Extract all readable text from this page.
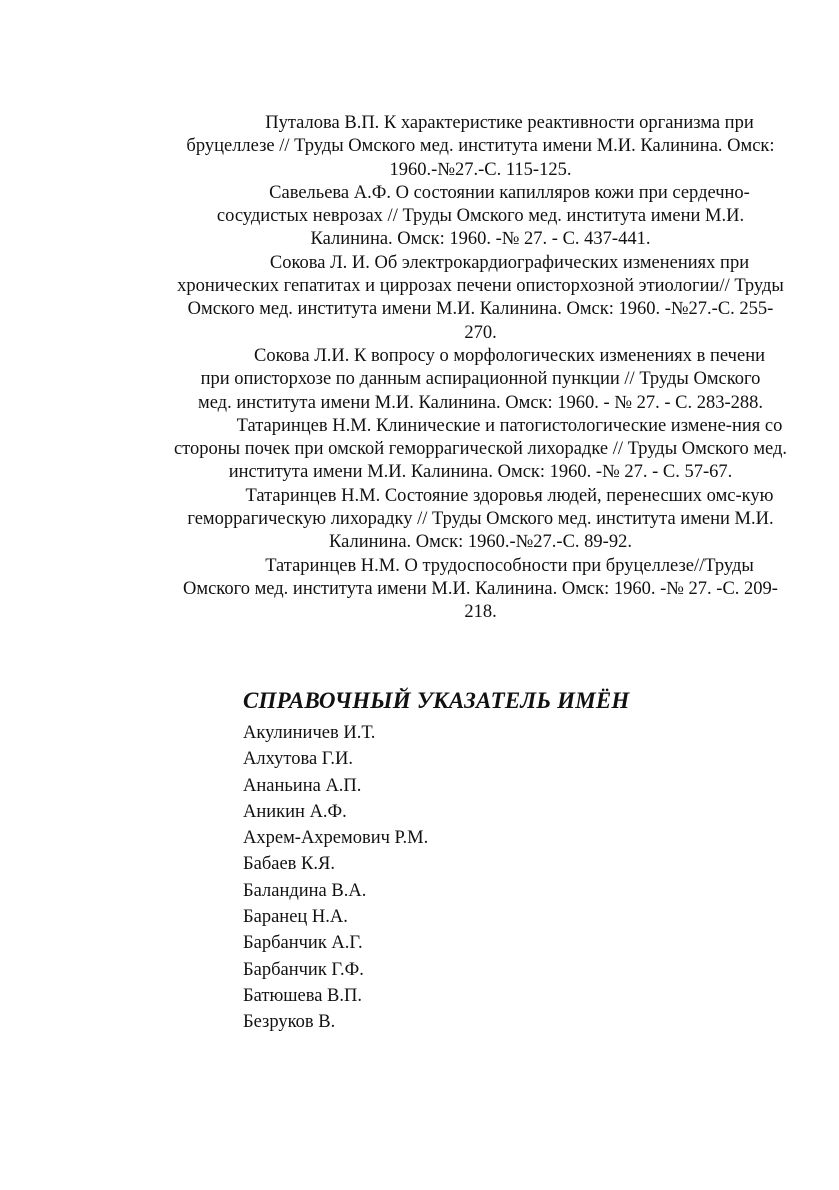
Путалова В.П. К характеристике реактивности организма при бруцеллезе // Труды Омского мед. института имени М.И. Калинина. Омск: 1960.-№27.-С. 115-125.

Савельева А.Ф. О состоянии капилляров кожи при сердечно-сосудистых неврозах // Труды Омского мед. института имени М.И. Калинина. Омск: 1960. -№ 27. - С. 437-441.

Сокова Л. И. Об электрокардиографических изменениях при хронических гепатитах и циррозах печени описторхозной этиологии// Труды Омского мед. института имени М.И. Калинина. Омск: 1960. -№27.-С. 255-270.

Сокова Л.И. К вопросу о морфологических изменениях в печени при описторхозе по данным аспирационной пункции // Труды Омского мед. института имени М.И. Калинина. Омск: 1960. - № 27. - С. 283-288.

Татаринцев Н.М. Клинические и патогистологические измене-ния со стороны почек при омской геморрагической лихорадке // Труды Омского мед. института имени М.И. Калинина. Омск: 1960. -№ 27. - С. 57-67.

Татаринцев Н.М. Состояние здоровья людей, перенесших омс-кую геморрагическую лихорадку // Труды Омского мед. института имени М.И. Калинина. Омск: 1960.-№27.-С. 89-92.

Татаринцев Н.М. О трудоспособности при бруцеллезе//Труды Омского мед. института имени М.И. Калинина. Омск: 1960. -№ 27. -С. 209-218.

СПРАВОЧНЫЙ УКАЗАТЕЛЬ ИМЁН
Акулиничев И.Т.
Алхутова Г.И.
Ананьина А.П.
Аникин А.Ф.
Ахрем-Ахремович Р.М.
Бабаев К.Я.
Баландина В.А.
Баранец Н.А.
Барбанчик А.Г.
Барбанчик Г.Ф.
Батюшева В.П.
Безруков В.
